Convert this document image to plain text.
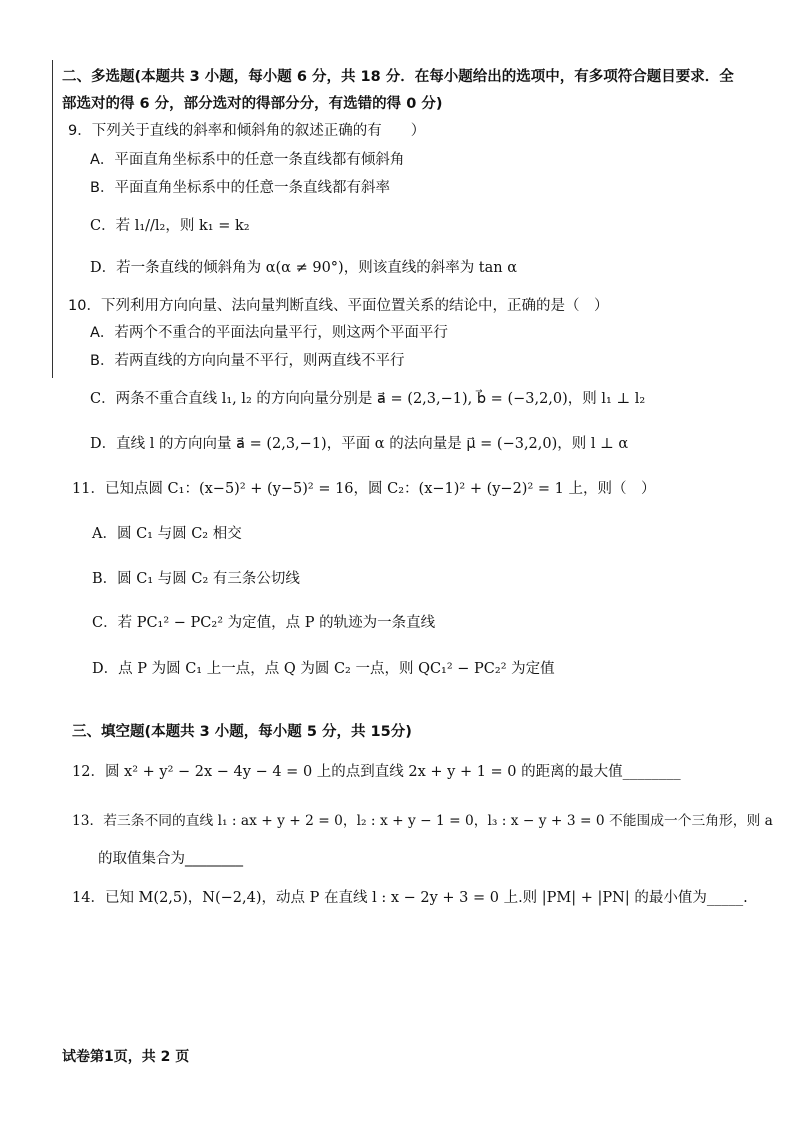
二、多选题(本题共 3 小题，每小题 6 分，共 18 分．在每小题给出的选项中，有多项符合题目要求．全
部选对的得 6 分，部分选对的得部分分，有选错的得 0 分)
9．下列关于直线的斜率和倾斜角的叙述正确的有　　）
A．平面直角坐标系中的任意一条直线都有倾斜角
B．平面直角坐标系中的任意一条直线都有斜率
C．若 l₁//l₂，则 k₁ = k₂
D．若一条直线的倾斜角为 α(α ≠ 90°)，则该直线的斜率为 tan α
10．下列利用方向向量、法向量判断直线、平面位置关系的结论中，正确的是（　）
A．若两个不重合的平面法向量平行，则这两个平面平行
B．若两直线的方向向量不平行，则两直线不平行
C．两条不重合直线 l₁, l₂ 的方向向量分别是 a⃗ = (2,3,−1), b⃗ = (−3,2,0)，则 l₁ ⊥ l₂
D．直线 l 的方向向量 a⃗ = (2,3,−1)，平面 α 的法向量是 μ⃗ = (−3,2,0)，则 l ⊥ α
11．已知点圆 C₁：(x−5)² + (y−5)² = 16，圆 C₂：(x−1)² + (y−2)² = 1 上，则（　）
A．圆 C₁ 与圆 C₂ 相交
B．圆 C₁ 与圆 C₂ 有三条公切线
C．若 PC₁² − PC₂² 为定值，点 P 的轨迹为一条直线
D．点 P 为圆 C₁ 上一点，点 Q 为圆 C₂ 一点，则 QC₁² − PC₂² 为定值
三、填空题(本题共 3 小题，每小题 5 分，共 15分)
12．圆 x² + y² − 2x − 4y − 4 = 0 上的点到直线 2x + y + 1 = 0 的距离的最大值________
13．若三条不同的直线 l₁ : ax + y + 2 = 0，l₂ : x + y − 1 = 0，l₃ : x − y + 3 = 0 不能围成一个三角形，则 a
的取值集合为________
14．已知 M(2,5)，N(−2,4)，动点 P 在直线 l : x − 2y + 3 = 0 上.则 |PM| + |PN| 的最小值为_____.
试卷第1页，共 2 页
